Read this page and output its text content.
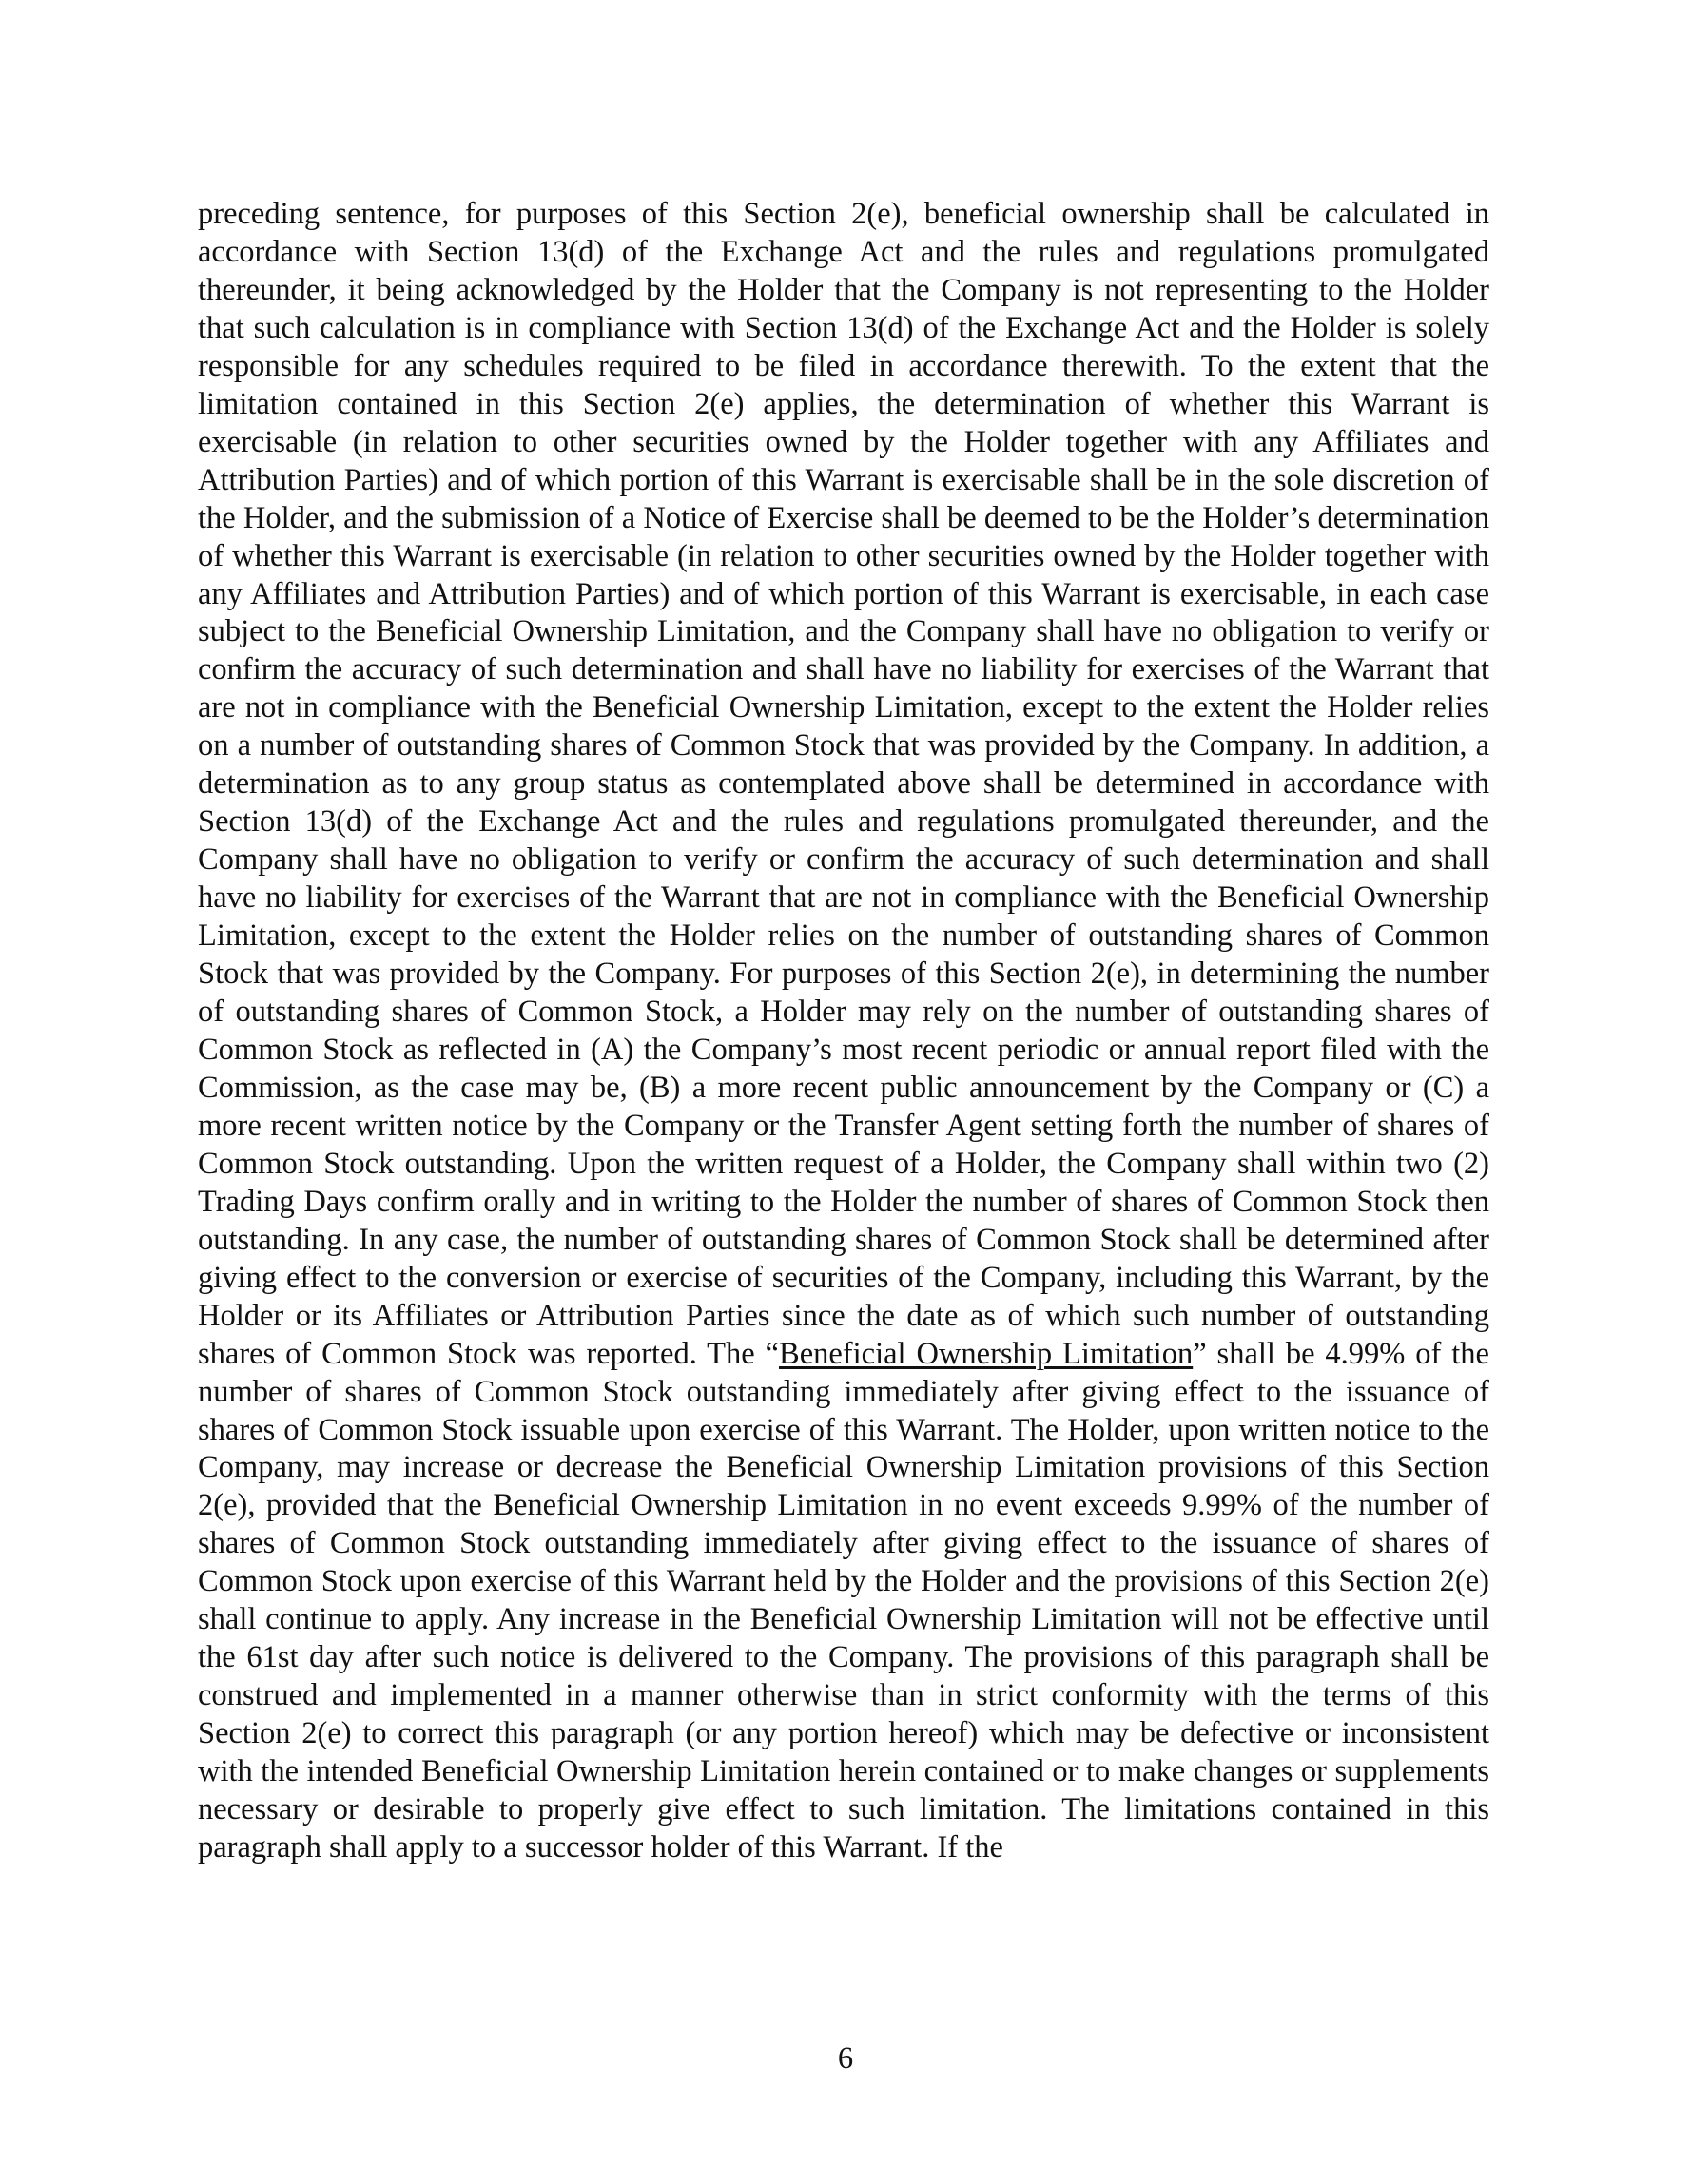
preceding sentence, for purposes of this Section 2(e), beneficial ownership shall be calculated in accordance with Section 13(d) of the Exchange Act and the rules and regulations promulgated thereunder, it being acknowledged by the Holder that the Company is not representing to the Holder that such calculation is in compliance with Section 13(d) of the Exchange Act and the Holder is solely responsible for any schedules required to be filed in accordance therewith. To the extent that the limitation contained in this Section 2(e) applies, the determination of whether this Warrant is exercisable (in relation to other securities owned by the Holder together with any Affiliates and Attribution Parties) and of which portion of this Warrant is exercisable shall be in the sole discretion of the Holder, and the submission of a Notice of Exercise shall be deemed to be the Holder’s determination of whether this Warrant is exercisable (in relation to other securities owned by the Holder together with any Affiliates and Attribution Parties) and of which portion of this Warrant is exercisable, in each case subject to the Beneficial Ownership Limitation, and the Company shall have no obligation to verify or confirm the accuracy of such determination and shall have no liability for exercises of the Warrant that are not in compliance with the Beneficial Ownership Limitation, except to the extent the Holder relies on a number of outstanding shares of Common Stock that was provided by the Company. In addition, a determination as to any group status as contemplated above shall be determined in accordance with Section 13(d) of the Exchange Act and the rules and regulations promulgated thereunder, and the Company shall have no obligation to verify or confirm the accuracy of such determination and shall have no liability for exercises of the Warrant that are not in compliance with the Beneficial Ownership Limitation, except to the extent the Holder relies on the number of outstanding shares of Common Stock that was provided by the Company. For purposes of this Section 2(e), in determining the number of outstanding shares of Common Stock, a Holder may rely on the number of outstanding shares of Common Stock as reflected in (A) the Company’s most recent periodic or annual report filed with the Commission, as the case may be, (B) a more recent public announcement by the Company or (C) a more recent written notice by the Company or the Transfer Agent setting forth the number of shares of Common Stock outstanding. Upon the written request of a Holder, the Company shall within two (2) Trading Days confirm orally and in writing to the Holder the number of shares of Common Stock then outstanding. In any case, the number of outstanding shares of Common Stock shall be determined after giving effect to the conversion or exercise of securities of the Company, including this Warrant, by the Holder or its Affiliates or Attribution Parties since the date as of which such number of outstanding shares of Common Stock was reported. The “Beneficial Ownership Limitation” shall be 4.99% of the number of shares of Common Stock outstanding immediately after giving effect to the issuance of shares of Common Stock issuable upon exercise of this Warrant. The Holder, upon written notice to the Company, may increase or decrease the Beneficial Ownership Limitation provisions of this Section 2(e), provided that the Beneficial Ownership Limitation in no event exceeds 9.99% of the number of shares of Common Stock outstanding immediately after giving effect to the issuance of shares of Common Stock upon exercise of this Warrant held by the Holder and the provisions of this Section 2(e) shall continue to apply. Any increase in the Beneficial Ownership Limitation will not be effective until the 61st day after such notice is delivered to the Company. The provisions of this paragraph shall be construed and implemented in a manner otherwise than in strict conformity with the terms of this Section 2(e) to correct this paragraph (or any portion hereof) which may be defective or inconsistent with the intended Beneficial Ownership Limitation herein contained or to make changes or supplements necessary or desirable to properly give effect to such limitation. The limitations contained in this paragraph shall apply to a successor holder of this Warrant. If the

6
